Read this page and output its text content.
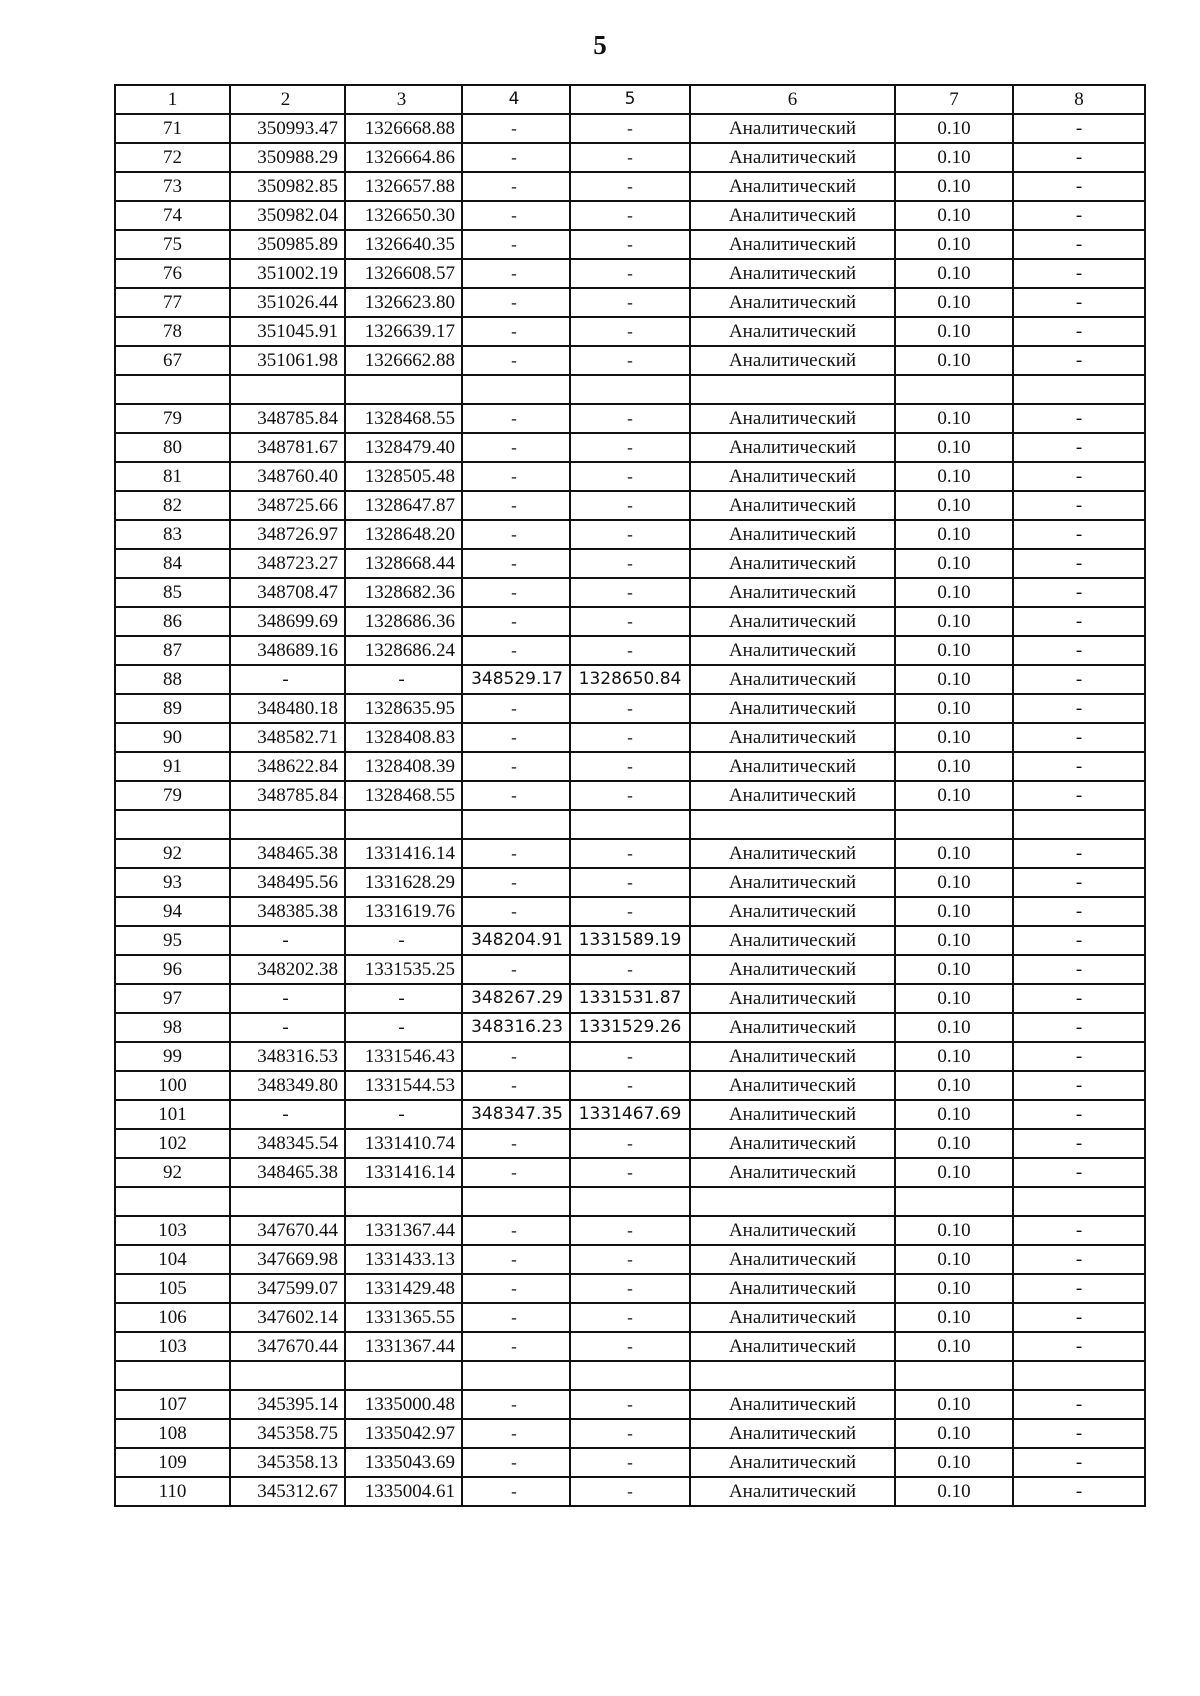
5
1	2	3	4	5	6	7	8
71	350993.47	1326668.88	-	-	Аналитический	0.10	-
72	350988.29	1326664.86	-	-	Аналитический	0.10	-
73	350982.85	1326657.88	-	-	Аналитический	0.10	-
74	350982.04	1326650.30	-	-	Аналитический	0.10	-
75	350985.89	1326640.35	-	-	Аналитический	0.10	-
76	351002.19	1326608.57	-	-	Аналитический	0.10	-
77	351026.44	1326623.80	-	-	Аналитический	0.10	-
78	351045.91	1326639.17	-	-	Аналитический	0.10	-
67	351061.98	1326662.88	-	-	Аналитический	0.10	-

79	348785.84	1328468.55	-	-	Аналитический	0.10	-
80	348781.67	1328479.40	-	-	Аналитический	0.10	-
81	348760.40	1328505.48	-	-	Аналитический	0.10	-
82	348725.66	1328647.87	-	-	Аналитический	0.10	-
83	348726.97	1328648.20	-	-	Аналитический	0.10	-
84	348723.27	1328668.44	-	-	Аналитический	0.10	-
85	348708.47	1328682.36	-	-	Аналитический	0.10	-
86	348699.69	1328686.36	-	-	Аналитический	0.10	-
87	348689.16	1328686.24	-	-	Аналитический	0.10	-
88	-	-	348529.17	1328650.84	Аналитический	0.10	-
89	348480.18	1328635.95	-	-	Аналитический	0.10	-
90	348582.71	1328408.83	-	-	Аналитический	0.10	-
91	348622.84	1328408.39	-	-	Аналитический	0.10	-
79	348785.84	1328468.55	-	-	Аналитический	0.10	-

92	348465.38	1331416.14	-	-	Аналитический	0.10	-
93	348495.56	1331628.29	-	-	Аналитический	0.10	-
94	348385.38	1331619.76	-	-	Аналитический	0.10	-
95	-	-	348204.91	1331589.19	Аналитический	0.10	-
96	348202.38	1331535.25	-	-	Аналитический	0.10	-
97	-	-	348267.29	1331531.87	Аналитический	0.10	-
98	-	-	348316.23	1331529.26	Аналитический	0.10	-
99	348316.53	1331546.43	-	-	Аналитический	0.10	-
100	348349.80	1331544.53	-	-	Аналитический	0.10	-
101	-	-	348347.35	1331467.69	Аналитический	0.10	-
102	348345.54	1331410.74	-	-	Аналитический	0.10	-
92	348465.38	1331416.14	-	-	Аналитический	0.10	-

103	347670.44	1331367.44	-	-	Аналитический	0.10	-
104	347669.98	1331433.13	-	-	Аналитический	0.10	-
105	347599.07	1331429.48	-	-	Аналитический	0.10	-
106	347602.14	1331365.55	-	-	Аналитический	0.10	-
103	347670.44	1331367.44	-	-	Аналитический	0.10	-

107	345395.14	1335000.48	-	-	Аналитический	0.10	-
108	345358.75	1335042.97	-	-	Аналитический	0.10	-
109	345358.13	1335043.69	-	-	Аналитический	0.10	-
110	345312.67	1335004.61	-	-	Аналитический	0.10	-
